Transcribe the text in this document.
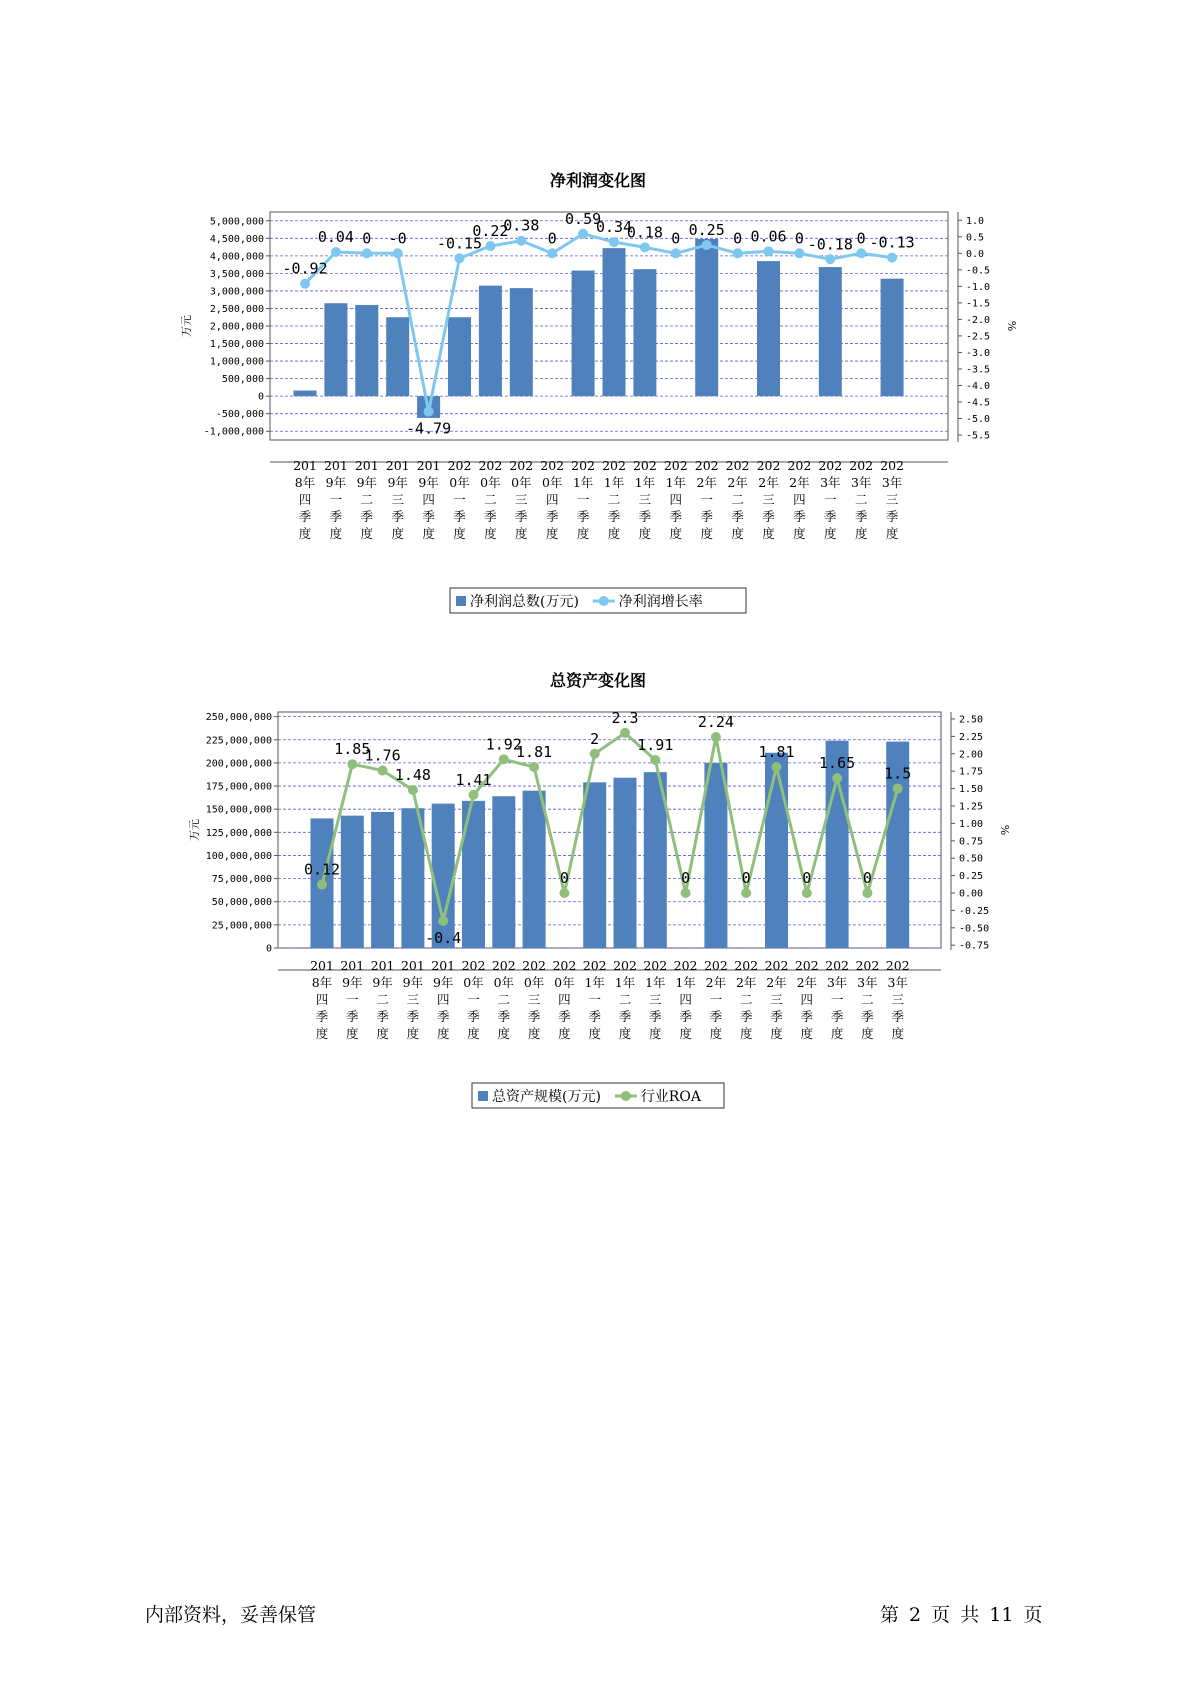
净利润变化图
-1,000,000
-500,000
0
500,000
1,000,000
1,500,000
2,000,000
2,500,000
3,000,000
3,500,000
4,000,000
4,500,000
5,000,000	1.0
0.5
0.0
-0.5
-1.0
-1.5
-2.0
-2.5
-3.0
-3.5
-4.0
-4.5
-5.0
-5.5
万元	%
201 8年四季度
201 9年一季度
201 9年二季度
201 9年三季度
201 9年四季度
202 0年一季度
202 0年二季度
202 0年三季度
202 0年四季度
202 1年一季度
202 1年二季度
202 1年三季度
202 1年四季度
202 2年一季度
202 2年二季度
202 2年三季度
202 2年四季度
202 3年一季度
202 3年二季度
202 3年三季度
-0.92
0.04 0 -0
-4.79
-0.15
0.22
0.38
0
0.59
0.34
0.18 0 0.25 0 0.06 0 -0.18 0 -0.13
净利润总数(万元)	净利润增长率
总资产变化图
0
25,000,000
50,000,000
75,000,000
100,000,000
125,000,000
150,000,000
175,000,000
200,000,000
225,000,000
250,000,000	2.50
2.25
2.00
1.75
1.50
1.25
1.00
0.75
0.50
0.25
0.00
-0.25
-0.50
-0.75
万元	%
201 8年四季度
201 9年一季度
201 9年二季度
201 9年三季度
201 9年四季度
202 0年一季度
202 0年二季度
202 0年三季度
202 0年四季度
202 1年一季度
202 1年二季度
202 1年三季度
202 1年四季度
202 2年一季度
202 2年二季度
202 2年三季度
202 2年四季度
202 3年一季度
202 3年二季度
202 3年三季度
0.12
1.85
1.76
1.48
-0.4
1.41
1.92
1.81
0
2
2.3
1.91
0
2.24
0
1.81
0
1.65
0
1.5
总资产规模(万元)	行业ROA
内部资料，妥善保管	第 2 页 共 11 页
